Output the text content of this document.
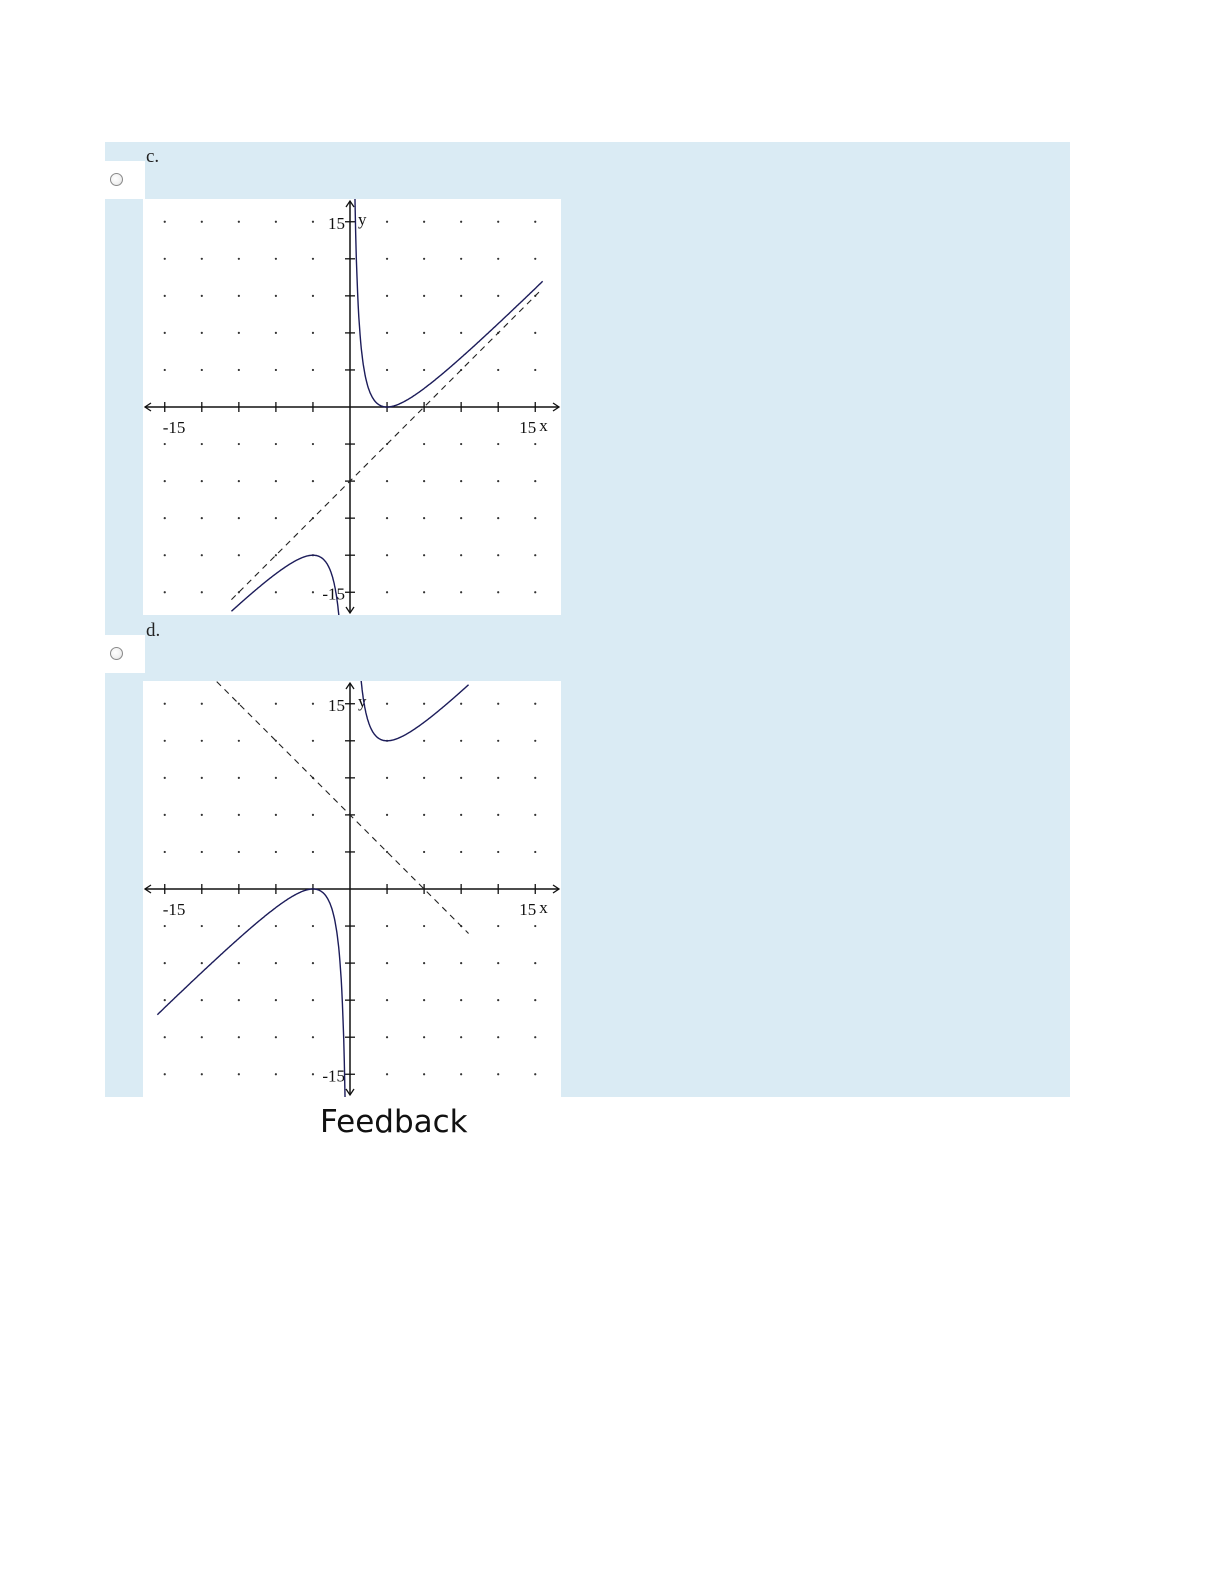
c.
15 y
-15
-15	15 x
d.
15 y
-15
-15	15 x
Feedback
